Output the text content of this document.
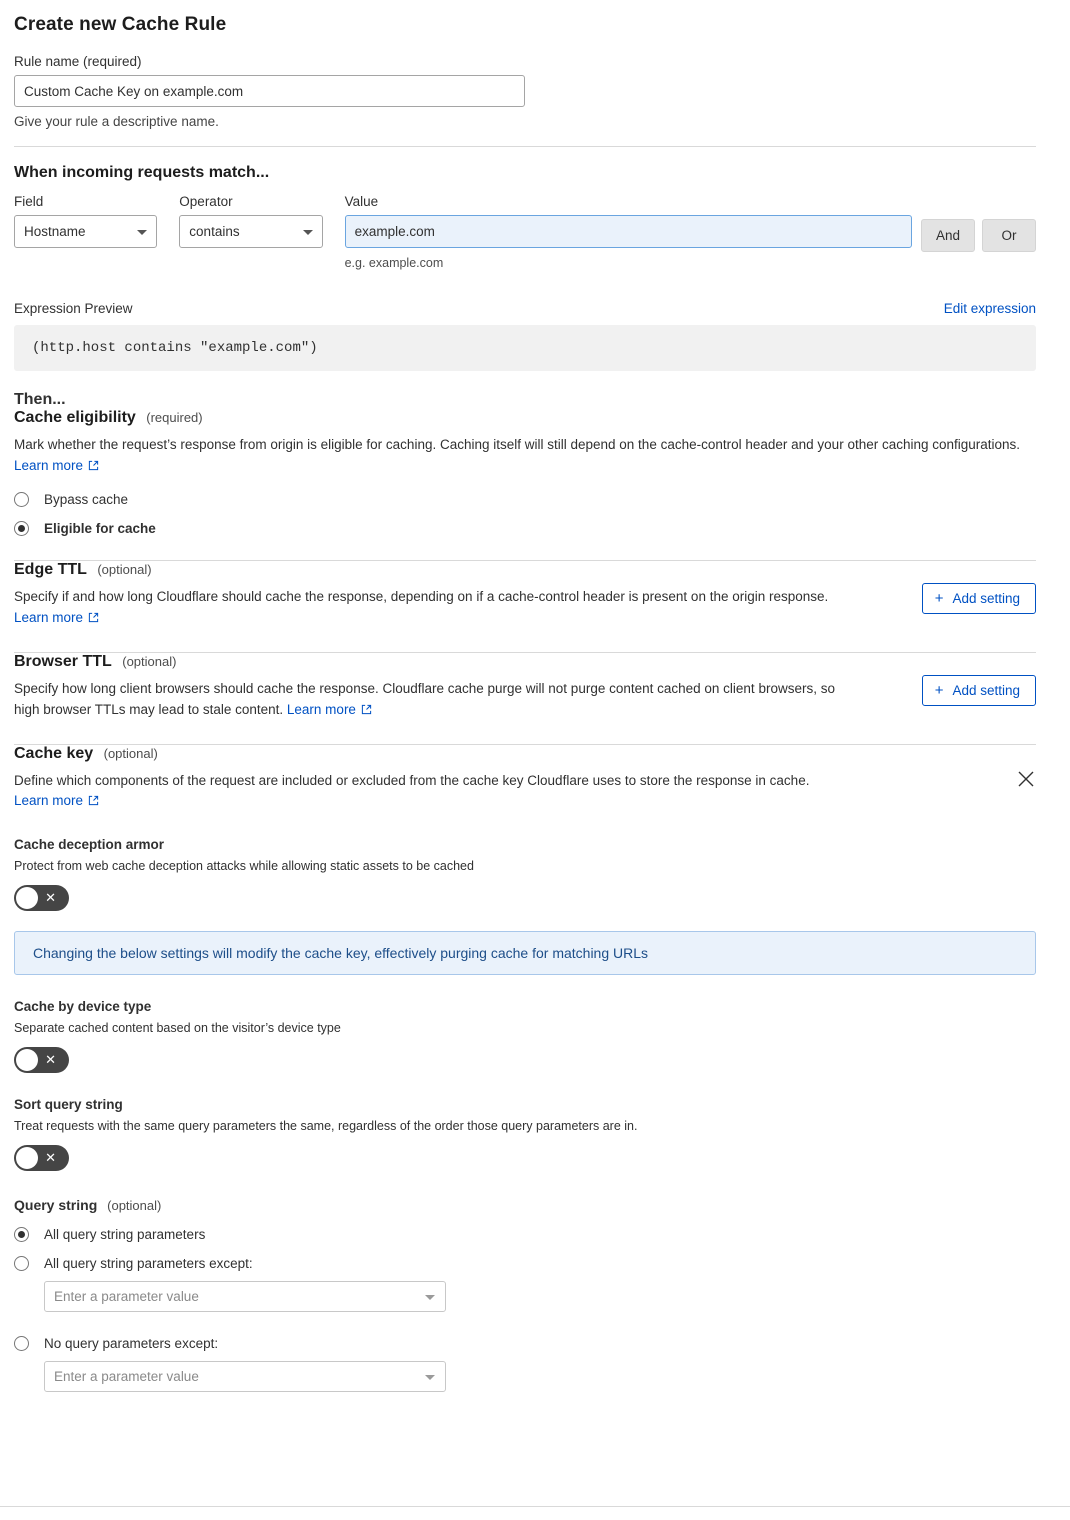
Create new Cache Rule
Rule name (required)
Custom Cache Key on example.com
Give your rule a descriptive name.
When incoming requests match...
Field
Hostname
Operator
contains
Value
example.com
e.g. example.com
And	Or
Expression Preview	Edit expression
(http.host contains "example.com")
Then...
Cache eligibility (required)
Mark whether the request’s response from origin is eligible for caching. Caching itself will still depend on the cache-control header and your other caching configurations. Learn more
Bypass cache
Eligible for cache
Edge TTL (optional)
Specify if and how long Cloudflare should cache the response, depending on if a cache-control header is present on the origin response. Learn more
+ Add setting
Browser TTL (optional)
Specify how long client browsers should cache the response. Cloudflare cache purge will not purge content cached on client browsers, so high browser TTLs may lead to stale content. Learn more
+ Add setting
Cache key (optional)
Define which components of the request are included or excluded from the cache key Cloudflare uses to store the response in cache.
Learn more
Cache deception armor
Protect from web cache deception attacks while allowing static assets to be cached
✕
Changing the below settings will modify the cache key, effectively purging cache for matching URLs
Cache by device type
Separate cached content based on the visitor’s device type
✕
Sort query string
Treat requests with the same query parameters the same, regardless of the order those query parameters are in.
✕
Query string (optional)
All query string parameters
All query string parameters except:
Enter a parameter value
No query parameters except:
Enter a parameter value
